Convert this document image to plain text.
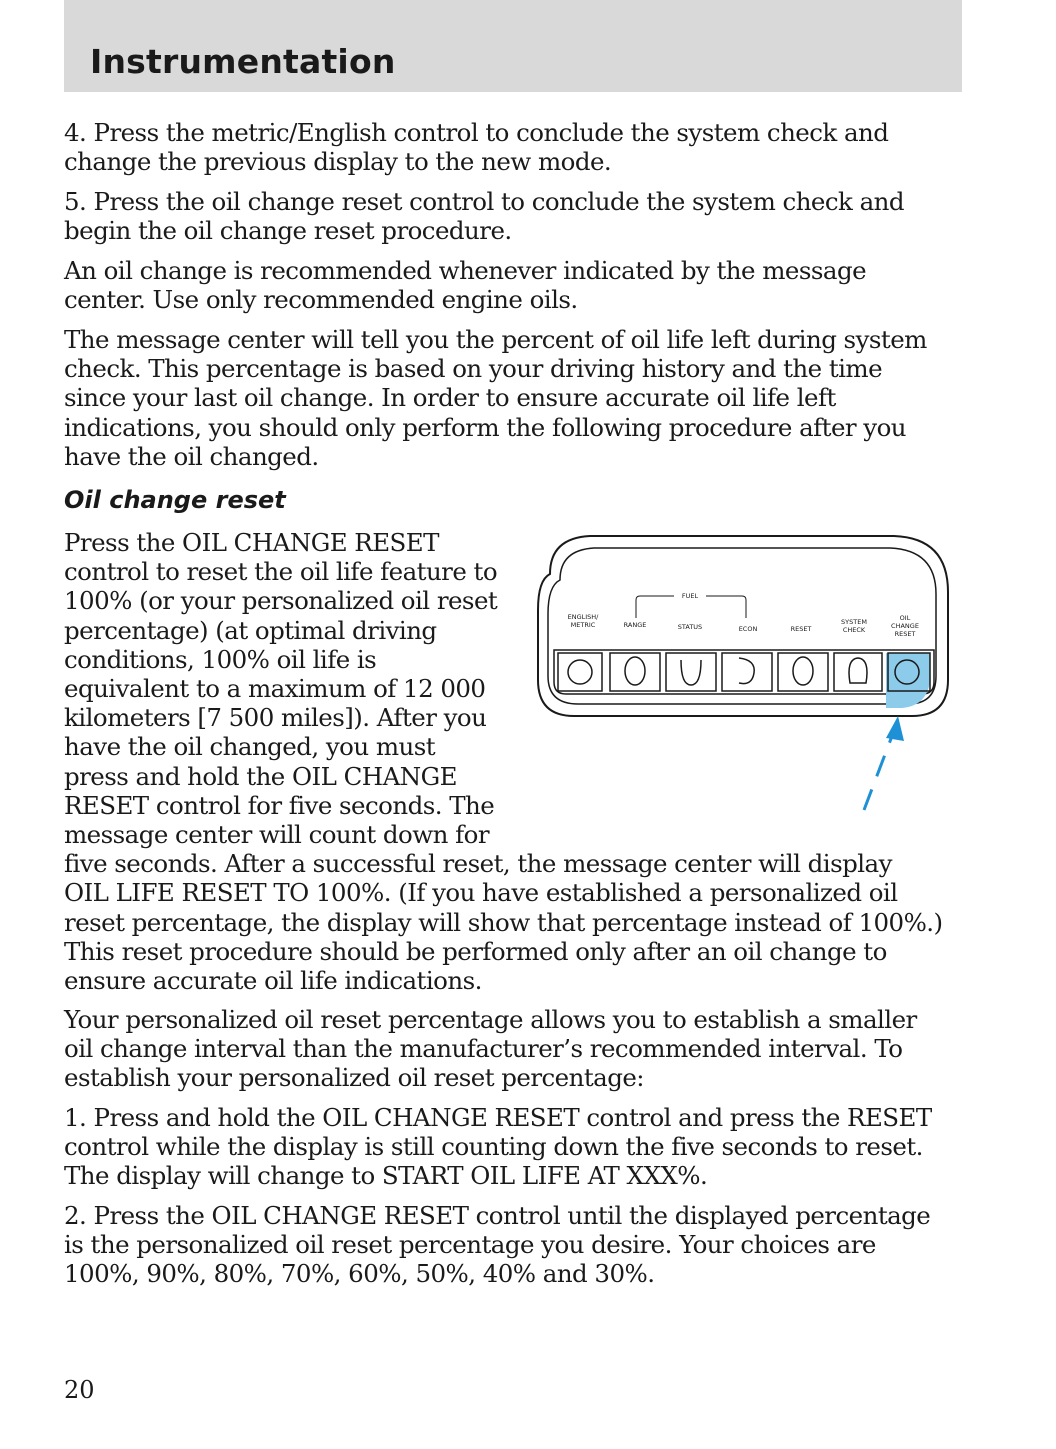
Instrumentation
4. Press the metric/English control to conclude the system check and
change the previous display to the new mode.
5. Press the oil change reset control to conclude the system check and
begin the oil change reset procedure.
An oil change is recommended whenever indicated by the message
center. Use only recommended engine oils.
The message center will tell you the percent of oil life left during system
check. This percentage is based on your driving history and the time
since your last oil change. In order to ensure accurate oil life left
indications, you should only perform the following procedure after you
have the oil changed.
Oil change reset
Press the OIL CHANGE RESET
control to reset the oil life feature to
100% (or your personalized oil reset
percentage) (at optimal driving
conditions, 100% oil life is
equivalent to a maximum of 12 000
kilometers [7 500 miles]). After you
have the oil changed, you must
press and hold the OIL CHANGE
RESET control for five seconds. The
message center will count down for
five seconds. After a successful reset, the message center will display
OIL LIFE RESET TO 100%. (If you have established a personalized oil
reset percentage, the display will show that percentage instead of 100%.)
This reset procedure should be performed only after an oil change to
ensure accurate oil life indications.
FUEL
ENGLISH/
METRIC	RANGE	STATUS	ECON	RESET
SYSTEM
CHECK
OIL
CHANGE
RESET
Your personalized oil reset percentage allows you to establish a smaller
oil change interval than the manufacturer’s recommended interval. To
establish your personalized oil reset percentage:
1. Press and hold the OIL CHANGE RESET control and press the RESET
control while the display is still counting down the five seconds to reset.
The display will change to START OIL LIFE AT XXX%.
2. Press the OIL CHANGE RESET control until the displayed percentage
is the personalized oil reset percentage you desire. Your choices are
100%, 90%, 80%, 70%, 60%, 50%, 40% and 30%.
20
